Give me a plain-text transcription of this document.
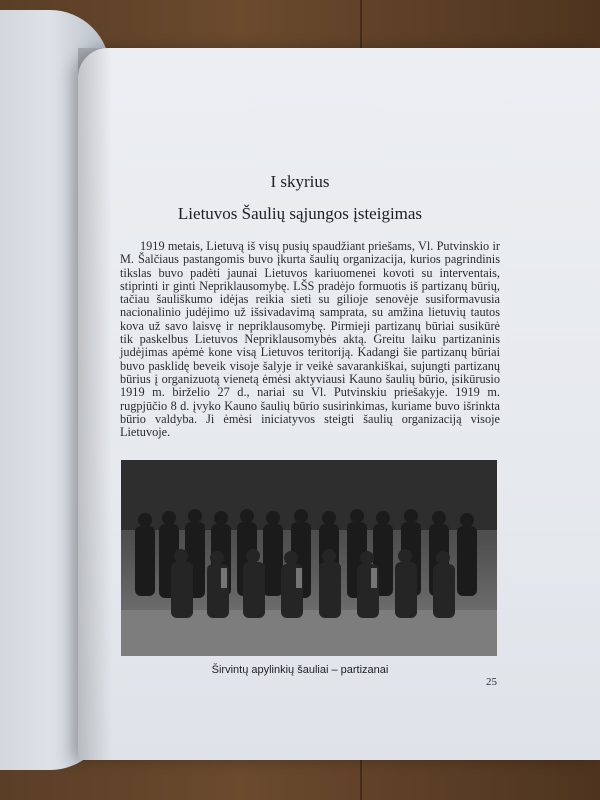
I skyrius
Lietuvos Šaulių sąjungos įsteigimas

1919 metais, Lietuvą iš visų pusių spaudžiant priešams, Vl. Putvinskio ir M. Šalčiaus pastangomis buvo įkurta šaulių organizacija, kurios pagrindinis tikslas buvo padėti jaunai Lietuvos kariuomenei kovoti su interventais, stiprinti ir ginti Nepriklausomybę. LŠS pradėjo formuotis iš partizanų būrių, tačiau šauliškumo idėjas reikia sieti su gilioje senovėje susiformavusia nacionalinio judėjimo už išsivadavimą samprata, su amžina lietuvių tautos kova už savo laisvę ir nepriklausomybę. Pirmieji partizanų būriai susikūrė tik paskelbus Lietuvos Nepriklausomybės aktą. Greitu laiku partizaninis judėjimas apėmė kone visą Lietuvos teritoriją. Kadangi šie partizanų būriai buvo pasklidę beveik visoje šalyje ir veikė savarankiškai, sujungti partizanų būrius į organizuotą vienetą ėmėsi aktyviausi Kauno šaulių būrio, įsikūrusio 1919 m. birželio 27 d., nariai su Vl. Putvinskiu priešakyje. 1919 m. rugpjūčio 8 d. įvyko Kauno šaulių būrio susirinkimas, kuriame buvo išrinkta būrio valdyba. Ji ėmėsi iniciatyvos steigti šaulių organizaciją visoje Lietuvoje.

Širvintų apylinkių šauliai – partizanai
25
